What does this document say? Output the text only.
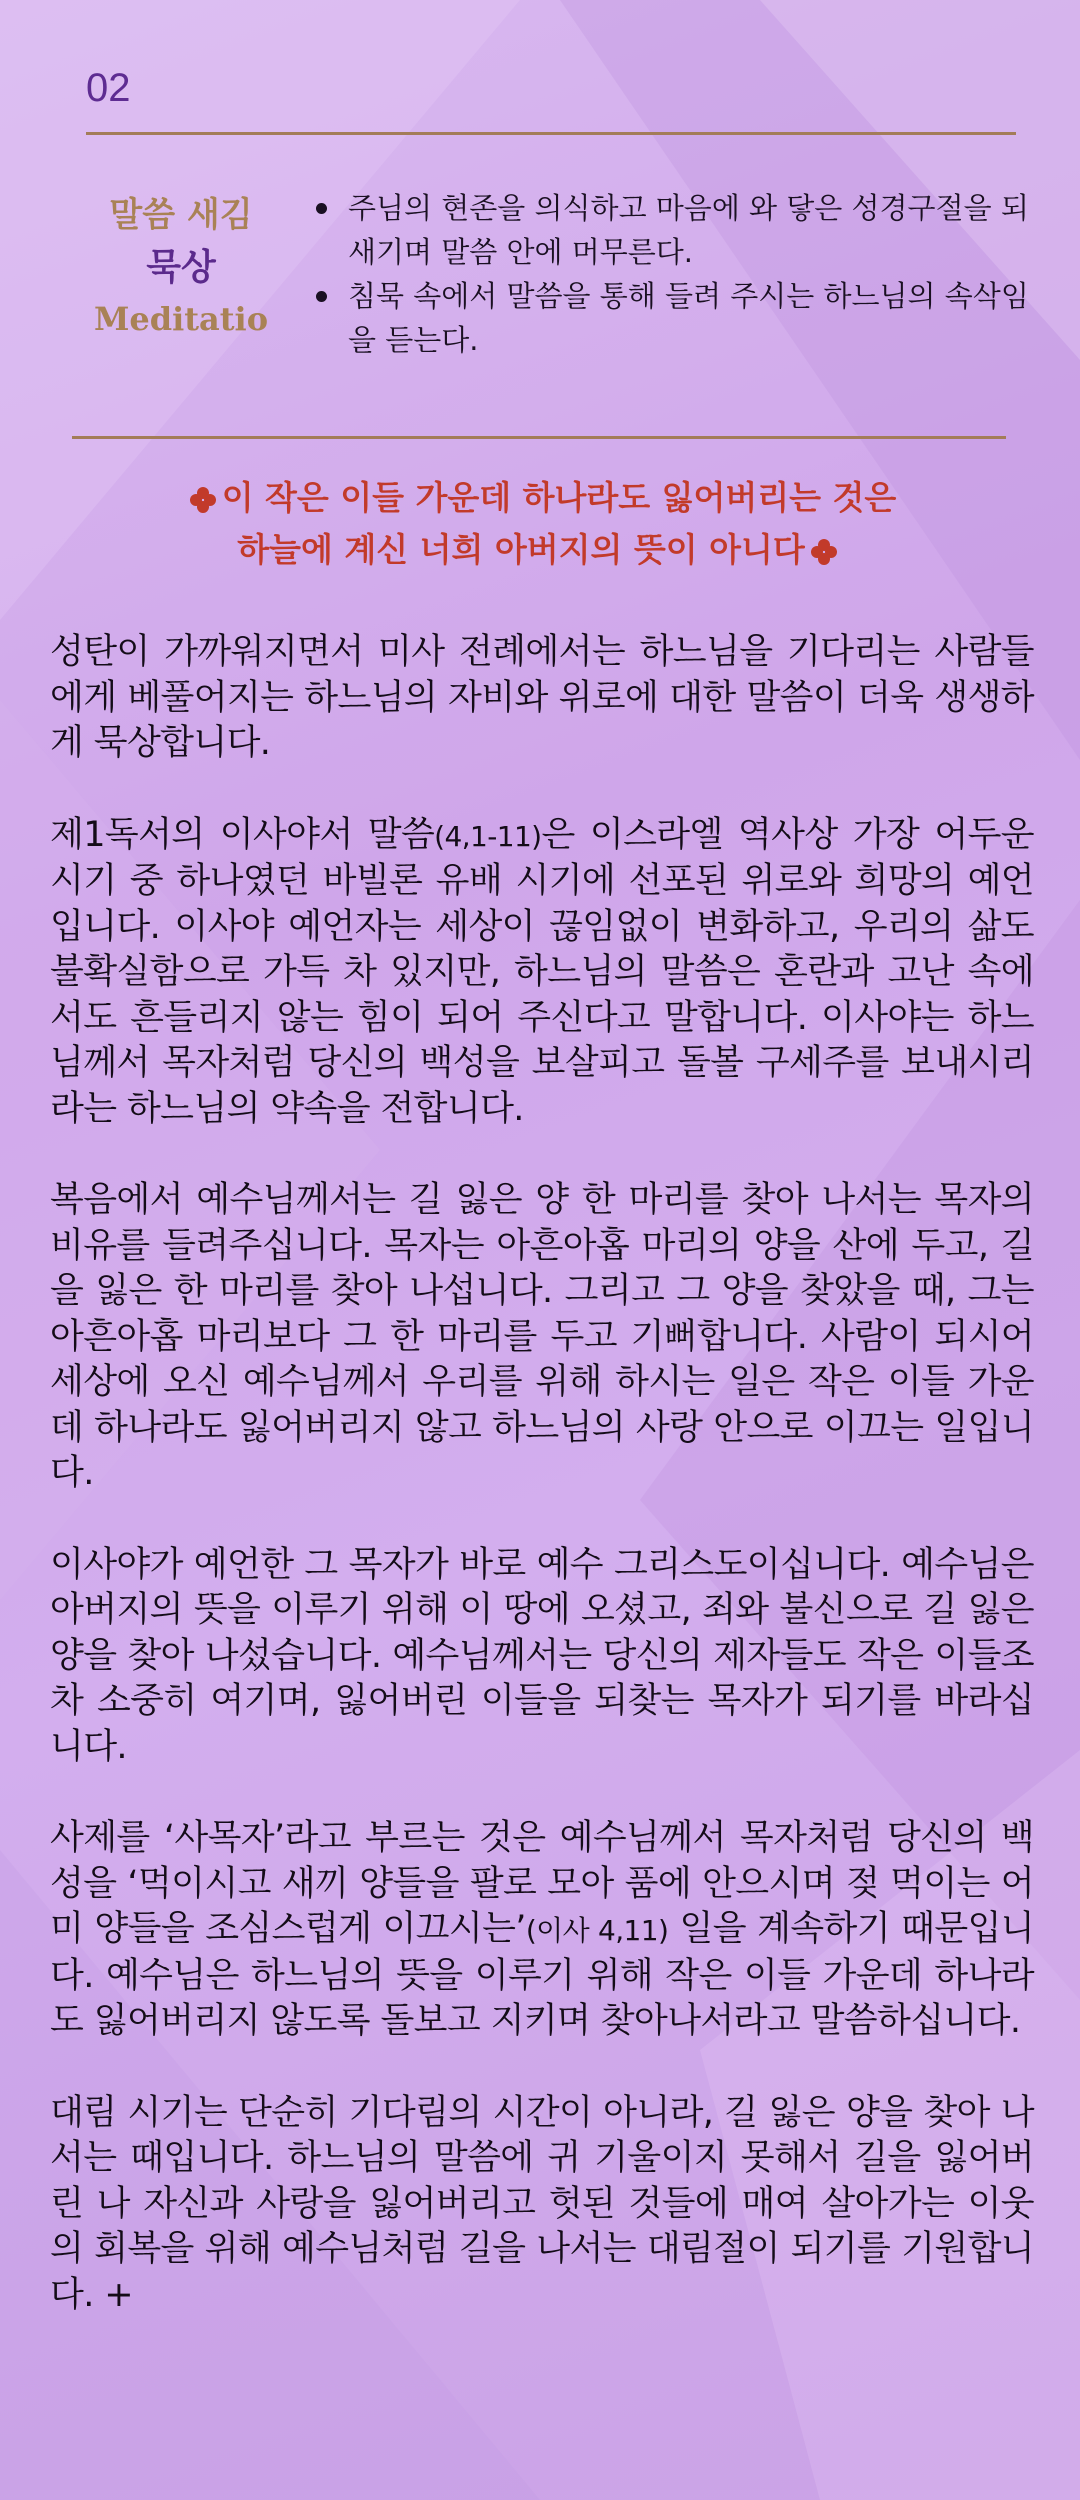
02
말씀 새김
묵상
Meditatio
주님의 현존을 의식하고 마음에 와 닿은 성경구절을 되새기며 말씀 안에 머무른다.
침묵 속에서 말씀을 통해 들려 주시는 하느님의 속삭임을 듣는다.
이 작은 이들 가운데 하나라도 잃어버리는 것은
하늘에 계신 너희 아버지의 뜻이 아니다

성탄이 가까워지면서 미사 전례에서는 하느님을 기다리는 사람들에게 베풀어지는 하느님의 자비와 위로에 대한 말씀이 더욱 생생하게 묵상합니다.

제1독서의 이사야서 말씀(4,1-11)은 이스라엘 역사상 가장 어두운 시기 중 하나였던 바빌론 유배 시기에 선포된 위로와 희망의 예언입니다. 이사야 예언자는 세상이 끊임없이 변화하고, 우리의 삶도 불확실함으로 가득 차 있지만, 하느님의 말씀은 혼란과 고난 속에서도 흔들리지 않는 힘이 되어 주신다고 말합니다. 이사야는 하느님께서 목자처럼 당신의 백성을 보살피고 돌볼 구세주를 보내시리라는 하느님의 약속을 전합니다.

복음에서 예수님께서는 길 잃은 양 한 마리를 찾아 나서는 목자의 비유를 들려주십니다. 목자는 아흔아홉 마리의 양을 산에 두고, 길을 잃은 한 마리를 찾아 나섭니다. 그리고 그 양을 찾았을 때, 그는 아흔아홉 마리보다 그 한 마리를 두고 기뻐합니다. 사람이 되시어 세상에 오신 예수님께서 우리를 위해 하시는 일은 작은 이들 가운데 하나라도 잃어버리지 않고 하느님의 사랑 안으로 이끄는 일입니다.

이사야가 예언한 그 목자가 바로 예수 그리스도이십니다. 예수님은 아버지의 뜻을 이루기 위해 이 땅에 오셨고, 죄와 불신으로 길 잃은 양을 찾아 나섰습니다. 예수님께서는 당신의 제자들도 작은 이들조차 소중히 여기며, 잃어버린 이들을 되찾는 목자가 되기를 바라십니다.

사제를 ‘사목자’라고 부르는 것은 예수님께서 목자처럼 당신의 백성을 ‘먹이시고 새끼 양들을 팔로 모아 품에 안으시며 젖 먹이는 어미 양들을 조심스럽게 이끄시는’(이사 4,11) 일을 계속하기 때문입니다. 예수님은 하느님의 뜻을 이루기 위해 작은 이들 가운데 하나라도 잃어버리지 않도록 돌보고 지키며 찾아나서라고 말씀하십니다.

대림 시기는 단순히 기다림의 시간이 아니라, 길 잃은 양을 찾아 나서는 때입니다. 하느님의 말씀에 귀 기울이지 못해서 길을 잃어버린 나 자신과 사랑을 잃어버리고 헛된 것들에 매여 살아가는 이웃의 회복을 위해 예수님처럼 길을 나서는 대림절이 되기를 기원합니다. +
